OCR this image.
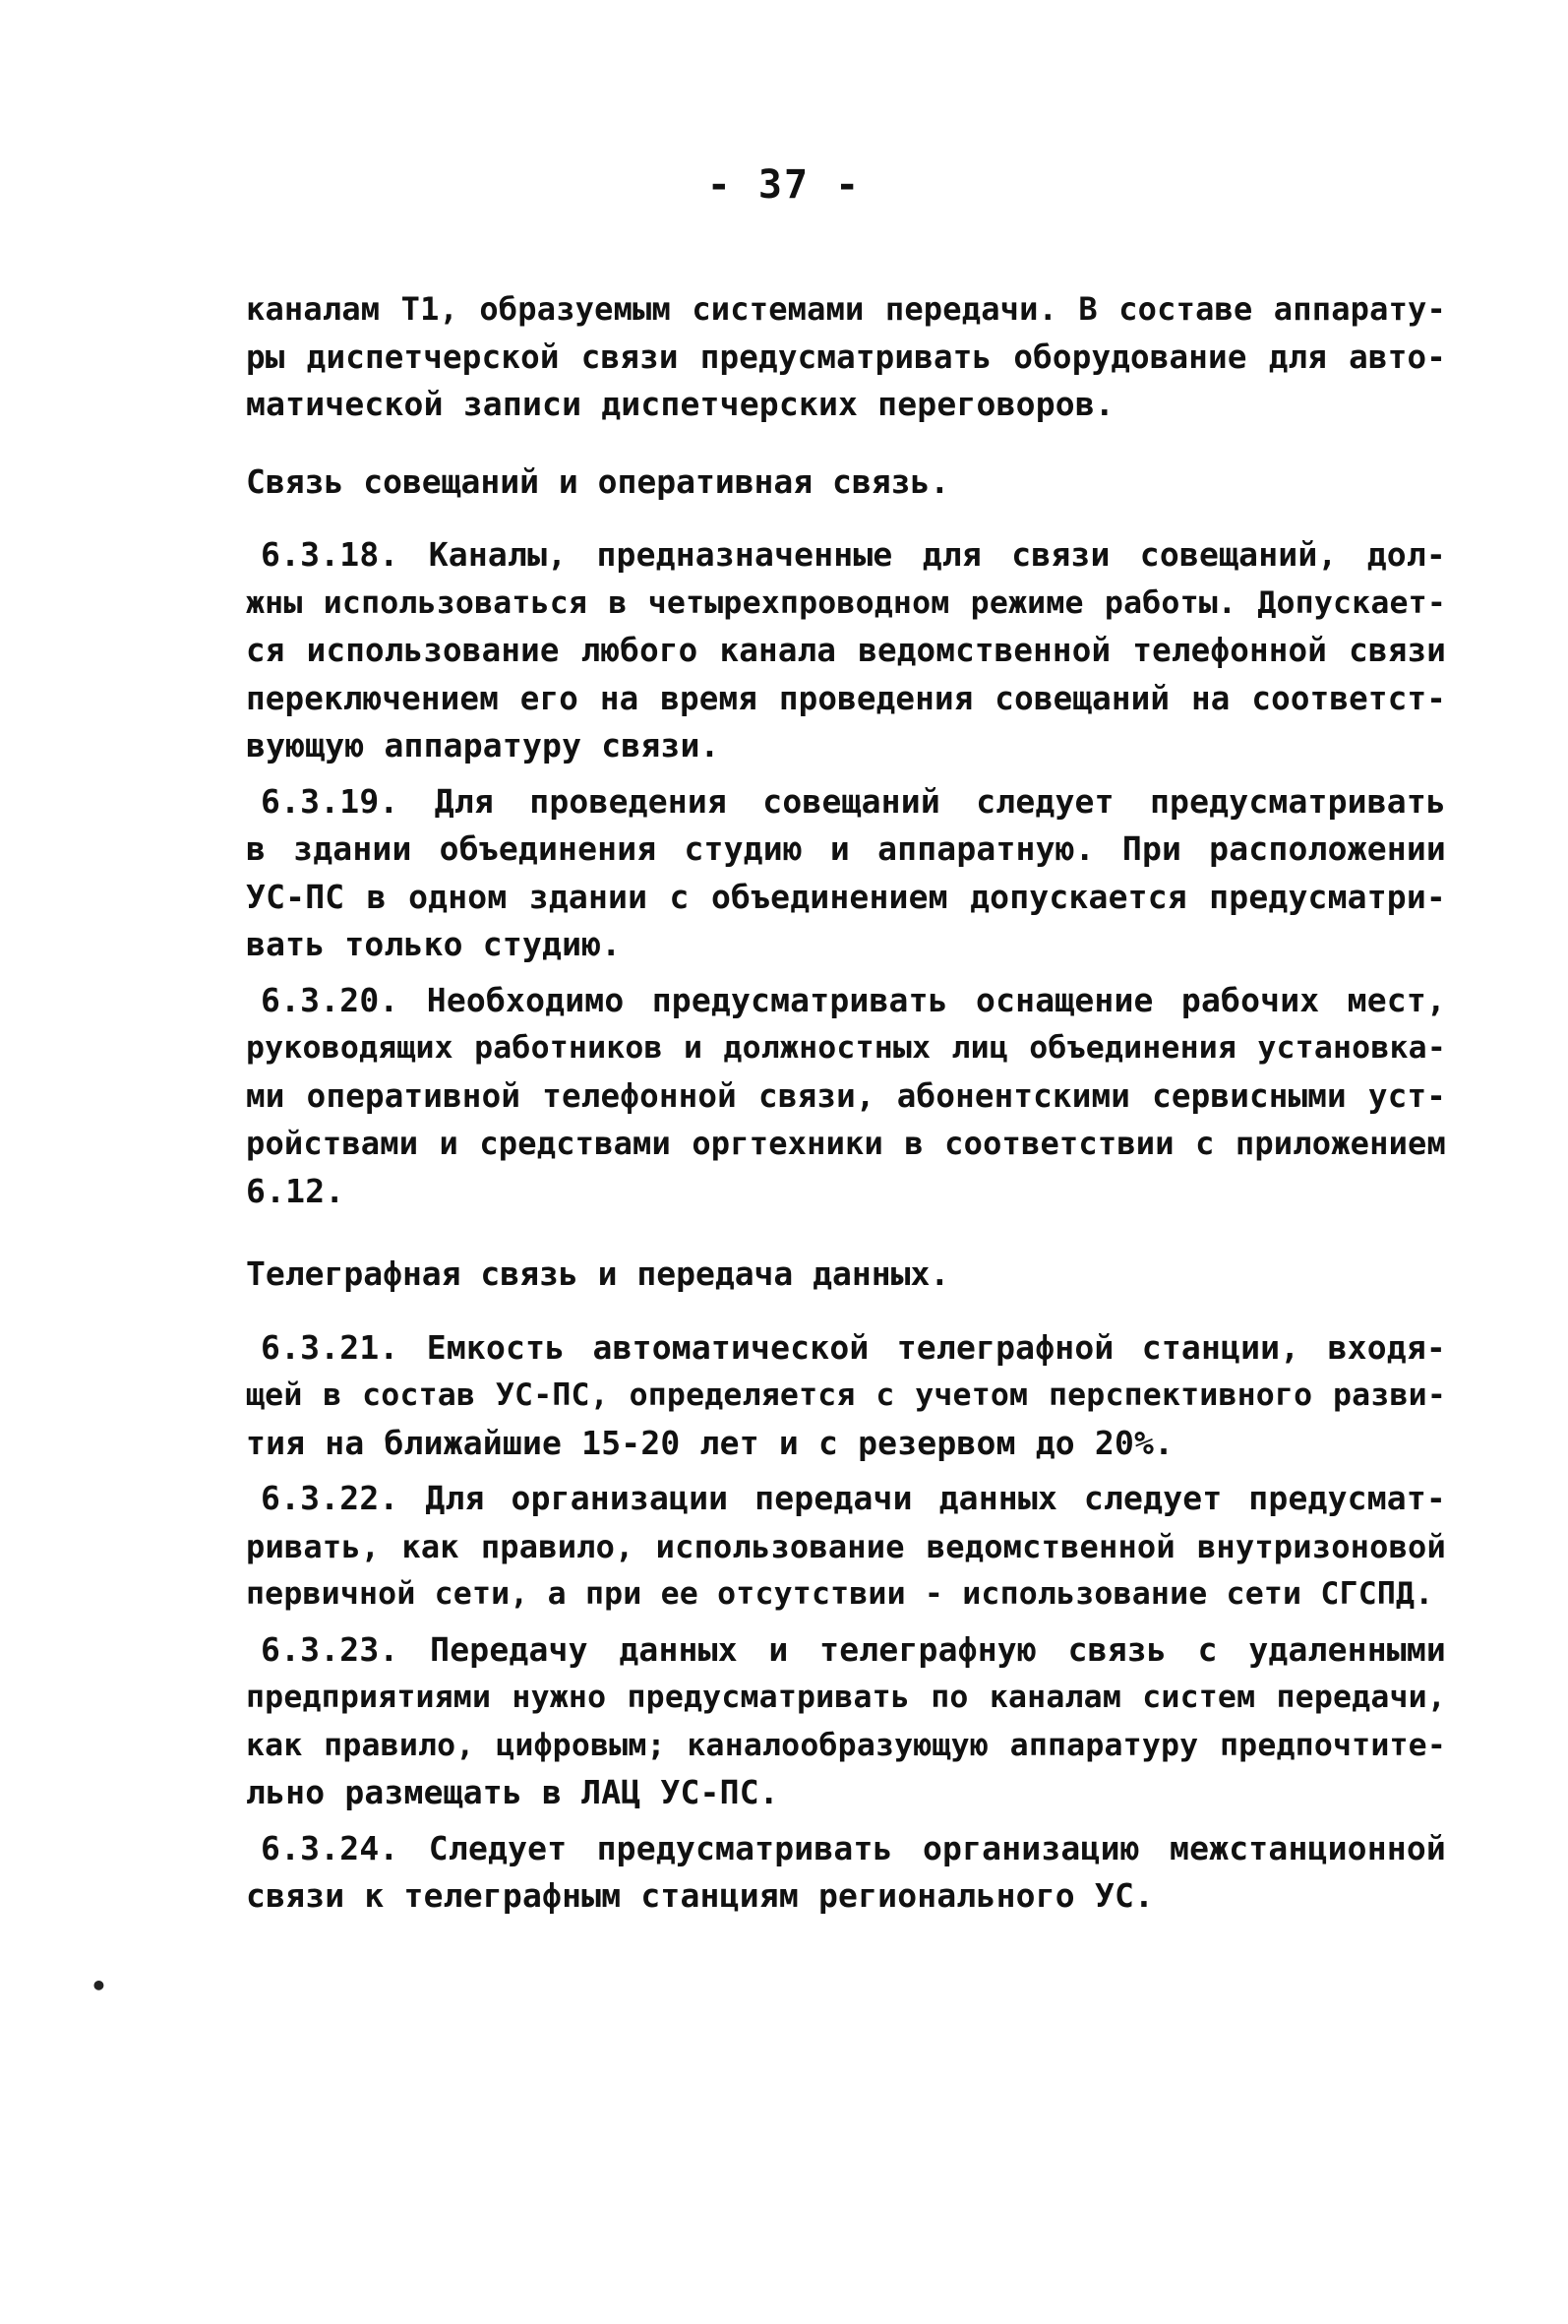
- 37 -
каналам Т1, образуемым системами передачи. В составе аппарату-
ры диспетчерской связи предусматривать оборудование для авто-
матической записи диспетчерских переговоров.
Связь совещаний и оперативная связь.
6.3.18. Каналы, предназначенные для связи совещаний, дол-
жны использоваться в четырехпроводном режиме работы. Допускает-
ся использование любого канала ведомственной телефонной связи
переключением его на время проведения совещаний на соответст-
вующую аппаратуру связи.
6.3.19. Для проведения совещаний следует предусматривать
в здании объединения студию и аппаратную. При расположении
УС-ПС в одном здании с объединением допускается предусматри-
вать только студию.
6.3.20. Необходимо предусматривать оснащение рабочих мест,
руководящих работников и должностных лиц объединения установка-
ми оперативной телефонной связи, абонентскими сервисными уст-
ройствами и средствами оргтехники в соответствии с приложением
6.12.
Телеграфная связь и передача данных.
6.3.21. Емкость автоматической телеграфной станции, входя-
щей в состав УС-ПС, определяется с учетом перспективного разви-
тия на ближайшие 15-20 лет и с резервом до 20%.
6.3.22. Для организации передачи данных следует предусмат-
ривать, как правило, использование ведомственной внутризоновой
первичной сети, а при ее отсутствии - использование сети СГСПД.
6.3.23. Передачу данных и телеграфную связь с удаленными
предприятиями нужно предусматривать по каналам систем передачи,
как правило, цифровым; каналообразующую аппаратуру предпочтите-
льно размещать в ЛАЦ УС-ПС.
6.3.24. Следует предусматривать организацию межстанционной
связи к телеграфным станциям регионального УС.
•
